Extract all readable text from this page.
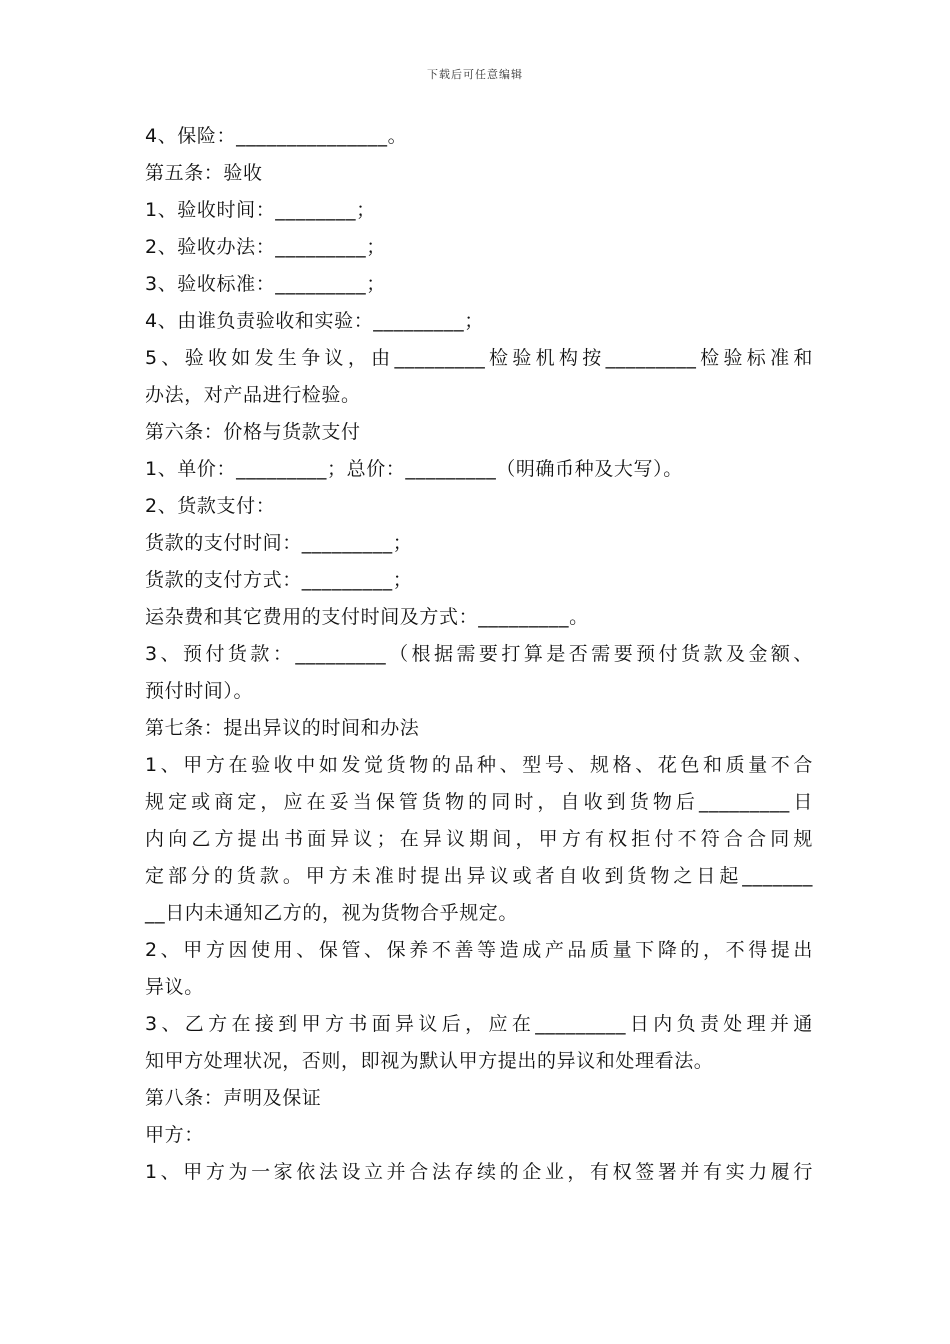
下载后可任意编辑
4、保险：_______________。
第五条：验收
1、验收时间：________；
2、验收办法：_________；
3、验收标准：_________；
4、由谁负责验收和实验：_________；
5、验收如发生争议，由_________检验机构按_________检验标准和
办法，对产品进行检验。
第六条：价格与货款支付
1、单价：_________；总价：_________（明确币种及大写）。
2、货款支付：
货款的支付时间：_________；
货款的支付方式：_________；
运杂费和其它费用的支付时间及方式：_________。
3、预付货款：_________（根据需要打算是否需要预付货款及金额、
预付时间）。
第七条：提出异议的时间和办法
1、甲方在验收中如发觉货物的品种、型号、规格、花色和质量不合
规定或商定，应在妥当保管货物的同时，自收到货物后_________日
内向乙方提出书面异议；在异议期间，甲方有权拒付不符合合同规
定部分的货款。甲方未准时提出异议或者自收到货物之日起_______
__日内未通知乙方的，视为货物合乎规定。
2、甲方因使用、保管、保养不善等造成产品质量下降的，不得提出
异议。
3、乙方在接到甲方书面异议后，应在_________日内负责处理并通
知甲方处理状况，否则，即视为默认甲方提出的异议和处理看法。
第八条：声明及保证
甲方：
1、甲方为一家依法设立并合法存续的企业，有权签署并有实力履行
